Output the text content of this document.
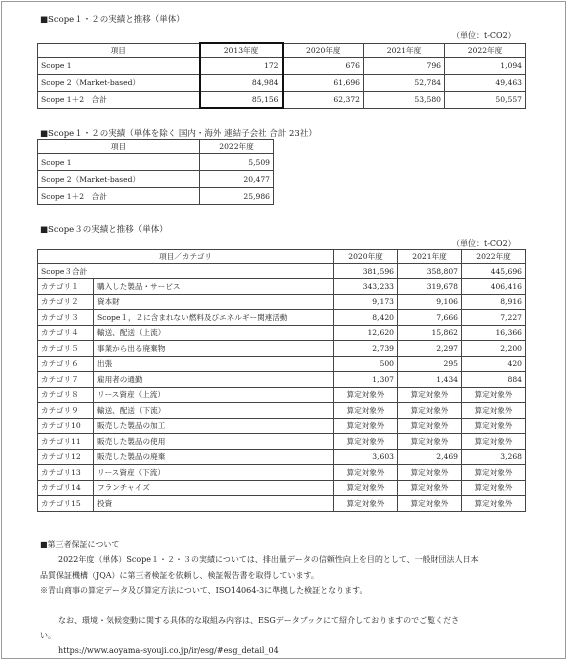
■Scope１・２の実績と推移（単体）
（単位：t-CO2）
項目	2013年度	2020年度	2021年度	2022年度
Scope 1	172	676	796	1,094
Scope 2（Market-based）	84,984	61,696	52,784	49,463
Scope 1＋2　合計	85,156	62,372	53,580	50,557
■Scope１・２の実績（単体を除く 国内・海外 連結子会社 合計 23社）
項目	2022年度
Scope 1	5,509
Scope 2（Market-based）	20,477
Scope 1＋2　合計	25,986
■Scope３の実績と推移（単体）
（単位：t-CO2）
項目／カテゴリ		2020年度	2021年度	2022年度
Scope３合計		381,596	358,807	445,696
カテゴリ１	購入した製品・サービス	343,233	319,678	406,416
カテゴリ２	資本財	9,173	9,106	8,916
カテゴリ３	Scope１，２に含まれない燃料及びエネルギー関連活動	8,420	7,666	7,227
カテゴリ４	輸送、配送（上流）	12,620	15,862	16,366
カテゴリ５	事業から出る廃棄物	2,739	2,297	2,200
カテゴリ６	出張	500	295	420
カテゴリ７	雇用者の通勤	1,307	1,434	884
カテゴリ８	リース資産（上流）	算定対象外	算定対象外	算定対象外
カテゴリ９	輸送、配送（下流）	算定対象外	算定対象外	算定対象外
カテゴリ10	販売した製品の加工	算定対象外	算定対象外	算定対象外
カテゴリ11	販売した製品の使用	算定対象外	算定対象外	算定対象外
カテゴリ12	販売した製品の廃棄	3,603	2,469	3,268
カテゴリ13	リース資産（下流）	算定対象外	算定対象外	算定対象外
カテゴリ14	フランチャイズ	算定対象外	算定対象外	算定対象外
カテゴリ15	投資	算定対象外	算定対象外	算定対象外
■第三者保証について
2022年度（単体）Scope１・２・３の実績については、排出量データの信頼性向上を目的として、一般財団法人日本
品質保証機構（JQA）に第三者検証を依頼し、検証報告書を取得しています。
※青山商事の算定データ及び算定方法について、ISO14064-3に準拠した検証となります。
なお、環境・気候変動に関する具体的な取組み内容は、ESGデータブックにて紹介しておりますのでご覧くださ
い。
https://www.aoyama-syouji.co.jp/ir/esg/#esg_detail_04
